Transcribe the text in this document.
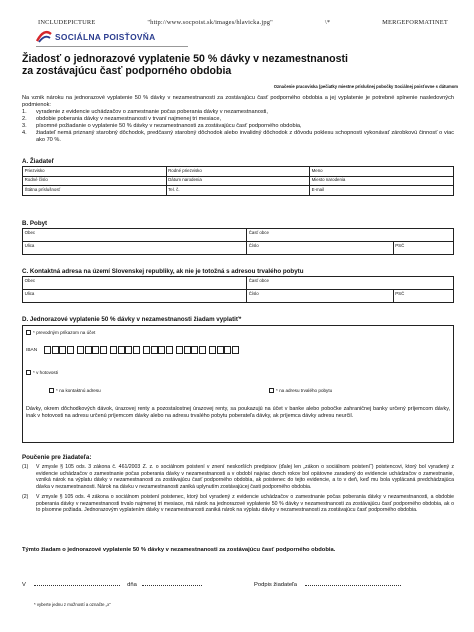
INCLUDEPICTURE	"http://www.socpoist.sk/images/hlavicka.jpg"	\*	MERGEFORMATINET
SOCIÁLNA POISŤOVŇA
Žiadosť o jednorazové vyplatenie 50 % dávky v nezamestnanosti
za zostávajúcu časť podporného obdobia
Označenie pracoviska (pečiatky miestne príslušnej pobočky Sociálnej poisťovne s dátumom
Na vznik nároku na jednorazové vyplatenie 50 % dávky v nezamestnanosti za zostávajúcu časť podporného obdobia a jej vyplatenie je potrebné splnenie nasledovných podmienok:
1.	vyradenie z evidencie uchádzačov o zamestnanie počas poberania dávky v nezamestnanosti,
2.	obdobie poberania dávky v nezamestnanosti v trvaní najmenej tri mesiace,
3.	písomné požiadanie o vyplatenie 50 % dávky v nezamestnanosti za zostávajúcu časť podporného obdobia,
4.	žiadateľ nemá priznaný starobný dôchodok, predčasný starobný dôchodok alebo invalidný dôchodok z dôvodu poklesu schopnosti vykonávať zárobkovú činnosť o viac ako 70 %.
A. Žiadateľ
Priezvisko	Rodné priezvisko	Meno
Rodné číslo	Dátum narodenia	Miesto narodenia
Štátna príslušnosť	Tel. č.	E-mail
B. Pobyt
Obec	Časť obce	
Ulica	Číslo	PSČ
C. Kontaktná adresa na území Slovenskej republiky, ak nie je totožná s adresou trvalého pobytu
Obec	Časť obce	
Ulica	Číslo	PSČ
D. Jednorazové vyplatenie 50 % dávky v nezamestnanosti žiadam vyplatiť*
* prevodným príkazom na účet
IBAN
* v hotovosti
* na kontaktnú adresu	* na adresu trvalého pobytu
Dávky, okrem dôchodkových dávok, úrazovej renty a pozostalostnej úrazovej renty, sa poukazujú na účet v banke alebo pobočke zahraničnej banky určený príjemcom dávky, inak v hotovosti na adresu určenú príjemcom dávky alebo na adresu trvalého pobytu poberateľa dávky, ak príjemca dávky adresu neurčil.
Poučenie pre žiadateľa:
(1)	V zmysle § 105 ods. 3 zákona č. 461/2003 Z. z. o sociálnom poistení v znení neskorších predpisov (ďalej len „zákon o sociálnom poistení“) poistencovi, ktorý bol vyradený z evidencie uchádzačov o zamestnanie počas poberania dávky v nezamestnanosti a v období najviac dvoch rokov bol opätovne zaradený do evidencie uchádzačov o zamestnanie, vzniká nárok na výplatu dávky v nezamestnanosti za zostávajúcu časť podporného obdobia, ak poistenec do tejto evidencie, a to v deň, keď mu bola vyplácaná predchádzajúca dávka v nezamestnanosti. Nárok na dávku v nezamestnanosti zaniká uplynutím zostávajúcej časti podporného obdobia.
(2)	V zmysle § 105 ods. 4 zákona o sociálnom poistení poistenec, ktorý bol vyradený z evidencie uchádzačov o zamestnanie počas poberania dávky v nezamestnanosti, a obdobie poberania dávky v nezamestnanosti trvalo najmenej tri mesiace, má nárok na jednorazové vyplatenie 50 % dávky v nezamestnanosti za zostávajúcu časť podporného obdobia, ak o to písomne požiada. Jednorazovým vyplatením dávky v nezamestnanosti zaniká nárok na výplatu dávky v nezamestnanosti za zostávajúcu časť podporného obdobia.
Týmto žiadam o jednorazové vyplatenie 50 % dávky v nezamestnanosti za zostávajúcu časť podporného obdobia.
V	dňa	Podpis žiadateľa
* vyberte jednu z možností a označte „x“
